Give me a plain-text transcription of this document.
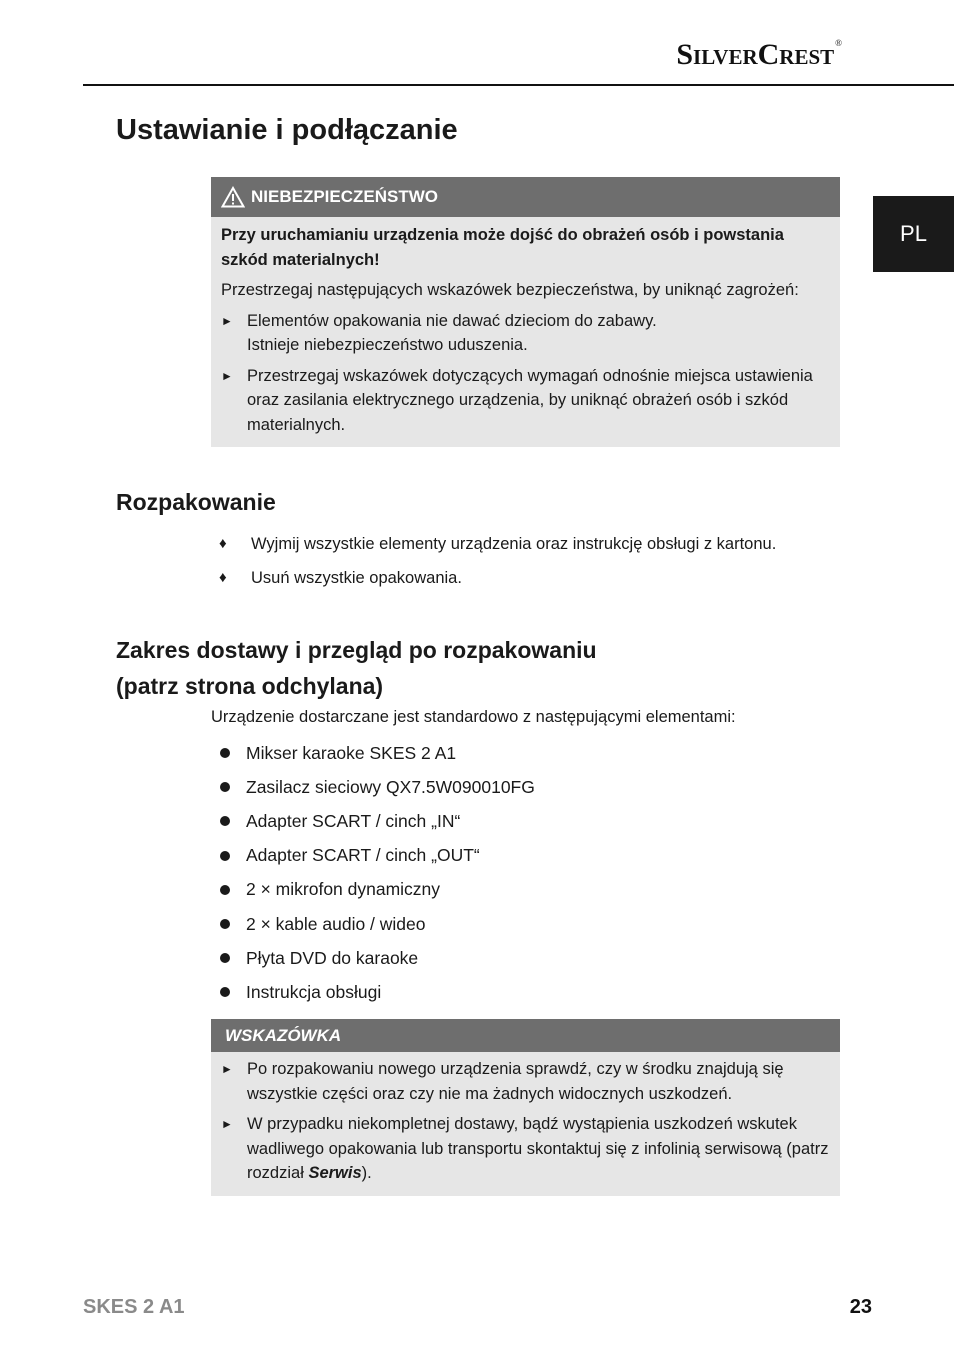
SilverCrest®
PL
Ustawianie i podłączanie
NIEBEZPIECZEŃSTWO

Przy uruchamianiu urządzenia może dojść do obrażeń osób i powstania szkód materialnych!

Przestrzegaj następujących wskazówek bezpieczeństwa, by uniknąć zagrożeń:

► Elementów opakowania nie dawać dzieciom do zabawy.
Istnieje niebezpieczeństwo uduszenia.
► Przestrzegaj wskazówek dotyczących wymagań odnośnie miejsca ustawienia oraz zasilania elektrycznego urządzenia, by uniknąć obrażeń osób i szkód materialnych.
Rozpakowanie
♦	Wyjmij wszystkie elementy urządzenia oraz instrukcję obsługi z kartonu.
♦	Usuń wszystkie opakowania.
Zakres dostawy i przegląd po rozpakowaniu
(patrz strona odchylana)
Urządzenie dostarczane jest standardowo z następującymi elementami:
Mikser karaoke SKES 2 A1
Zasilacz sieciowy QX7.5W090010FG
Adapter SCART / cinch „IN“
Adapter SCART / cinch „OUT“
2 × mikrofon dynamiczny
2 × kable audio / wideo
Płyta DVD do karaoke
Instrukcja obsługi
WSKAZÓWKA
► Po rozpakowaniu nowego urządzenia sprawdź, czy w środku znajdują się wszystkie części oraz czy nie ma żadnych widocznych uszkodzeń.
► W przypadku niekompletnej dostawy, bądź wystąpienia uszkodzeń wskutek wadliwego opakowania lub transportu skontaktuj się z infolinią serwisową (patrz rozdział Serwis).
SKES 2 A1	23
